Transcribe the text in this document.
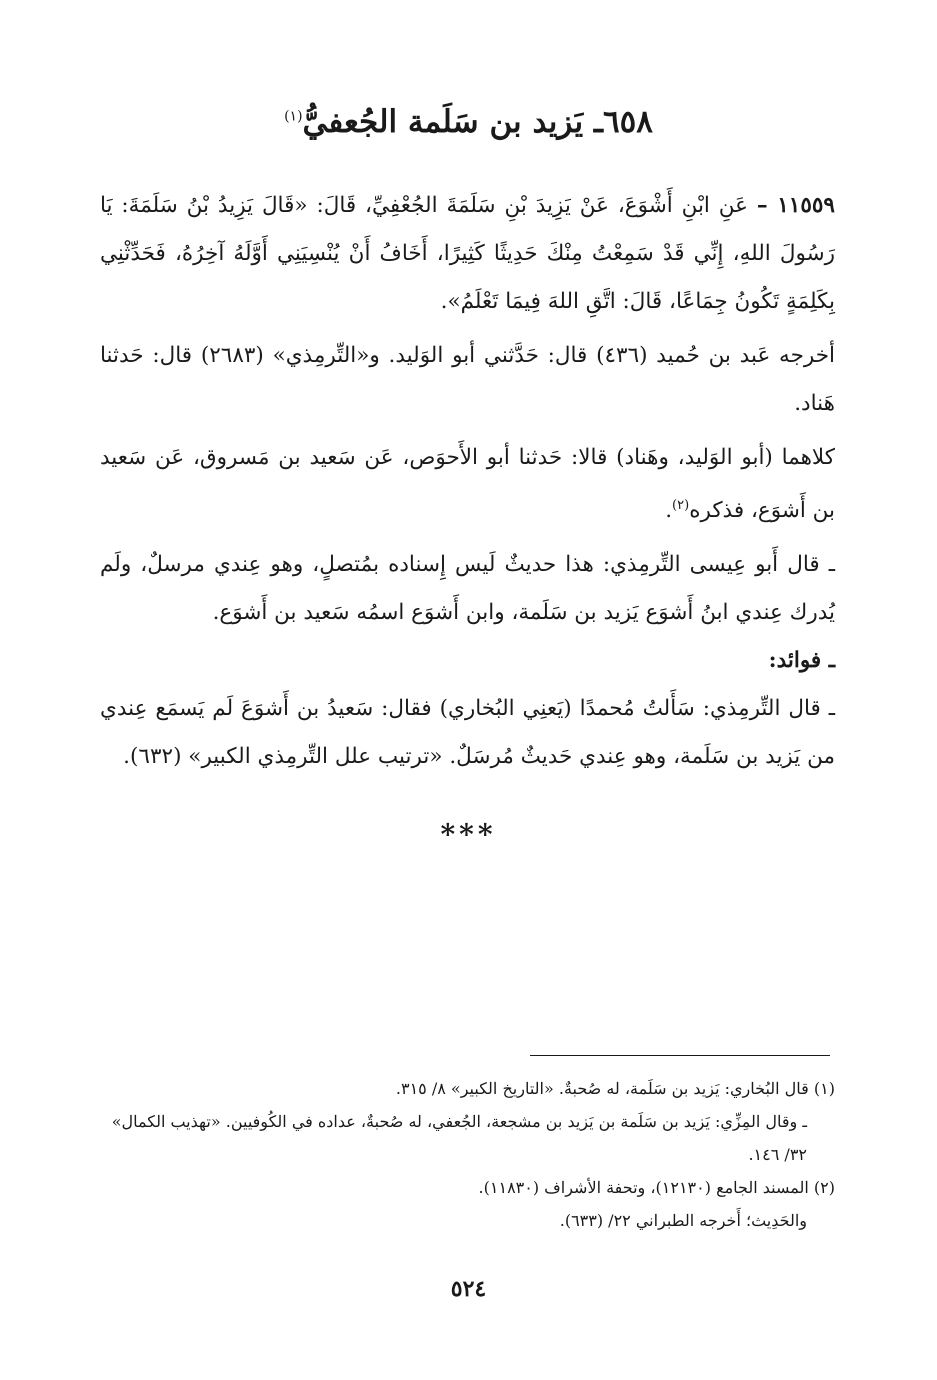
٦٥٨ـ يَزيد بن سَلَمة الجُعفيُّ$^{(١)}$

١١٥٥٩ – عَنِ ابْنِ أَشْوَعَ، عَنْ يَزِيدَ بْنِ سَلَمَةَ الجُعْفِيِّ، قَالَ: «قَالَ يَزِيدُ بْنُ سَلَمَةَ: يَا رَسُولَ اللهِ، إِنِّي قَدْ سَمِعْتُ مِنْكَ حَدِيثًا كَثِيرًا، أَخَافُ أَنْ يُنْسِيَنِي أَوَّلَهُ آخِرُهُ، فَحَدِّثْنِي بِكَلِمَةٍ تَكُونُ جِمَاعًا، قَالَ: اتَّقِ اللهَ فِيمَا تَعْلَمُ».

أخرجه عَبد بن حُميد (٤٣٦) قال: حَدَّثني أبو الوَليد. و«التِّرمِذي» (٢٦٨٣) قال: حَدثنا هَناد.

كلاهما (أبو الوَليد، وهَناد) قالا: حَدثنا أبو الأَحوَص، عَن سَعيد بن مَسروق، عَن سَعيد بن أَشوَع، فذكره$^{(٢)}$.

ـ قال أَبو عِيسى التِّرمِذي: هذا حديثٌ لَيس إِسناده بمُتصلٍ، وهو عِندي مرسلٌ، ولَم يُدرك عِندي ابنُ أَشوَع يَزيد بن سَلَمة، وابن أَشوَع اسمُه سَعيد بن أَشوَع.

ـ فوائد:

ـ قال التِّرمِذي: سَأَلتُ مُحمدًا (يَعنِي البُخاري) فقال: سَعيدُ بن أَشوَعَ لَم يَسمَع عِندي من يَزيد بن سَلَمة، وهو عِندي حَديثٌ مُرسَلٌ. «ترتيب علل التِّرمِذي الكبير» (٦٣٢).

***

(١) قال البُخاري: يَزيد بن سَلَمة، له صُحبةٌ. «التاريخ الكبير» ٨/ ٣١٥.

ـ وقال المِزِّي: يَزيد بن سَلَمة بن يَزيد بن مشجعة، الجُعفي، له صُحبةٌ، عداده في الكُوفيين. «تهذيب الكمال» ٣٢/ ١٤٦.

(٢) المسند الجامع (١٢١٣٠)، وتحفة الأشراف (١١٨٣٠).

والحَدِيث؛ أَخرجه الطبراني ٢٢/ (٦٣٣).

٥٢٤
